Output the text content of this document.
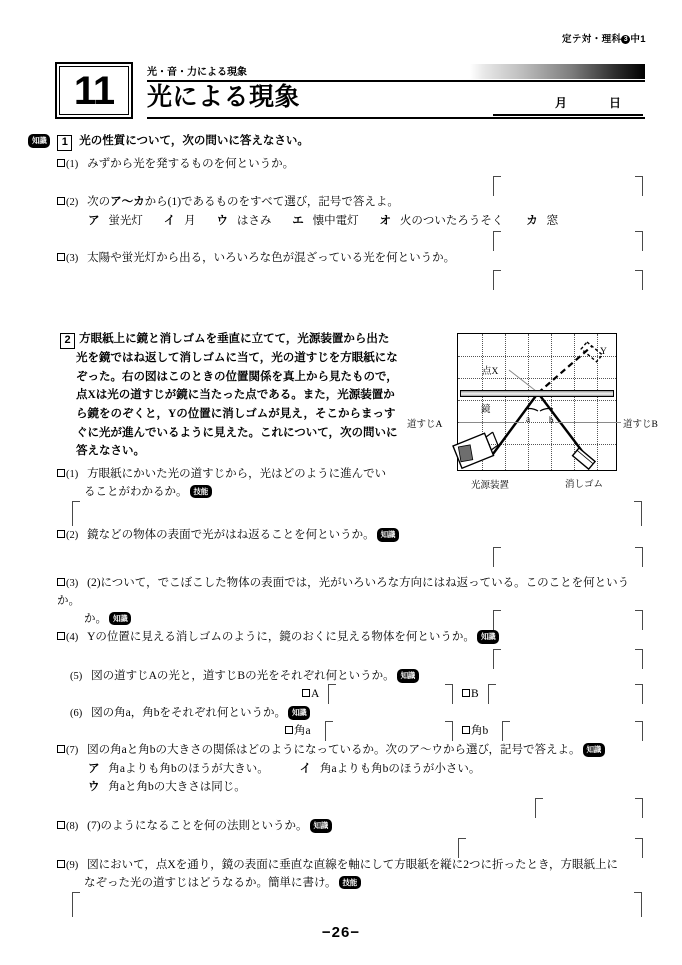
定テ対・理科 3 中1
11	光・音・力による現象
光による現象	月	日
知識 1 光の性質について，次の問いに答えなさい。
(1) みずから光を発するものを何というか。
(2) 次のア～カから(1)であるものをすべて選び，記号で答えよ。
ア 蛍光灯 イ 月 ウ はさみ エ 懐中電灯 オ 火のついたろうそく カ 窓
(3) 太陽や蛍光灯から出る，いろいろな色が混ざっている光を何というか。
2 方眼紙上に鏡と消しゴムを垂直に立てて，光源装置から出た
光を鏡ではね返して消しゴムに当て，光の道すじを方眼紙にな
ぞった。右の図はこのときの位置関係を真上から見たもので，
点Xは光の道すじが鏡に当たった点である。また，光源装置か
ら鏡をのぞくと，Yの位置に消しゴムが見え，そこからまっす
ぐに光が進んでいるように見えた。これについて，次の問いに
答えなさい。
点X
Y
鏡
道すじA	道すじB
光源装置	消しゴム
a b
(1) 方眼紙にかいた光の道すじから，光はどのように進んでい
ることがわかるか。 技能
(2) 鏡などの物体の表面で光がはね返ることを何というか。 知識
(3) (2)について，でこぼこした物体の表面では，光がいろいろな方向にはね返っている。このことを何というか。
か。 知識
(4) Yの位置に見える消しゴムのように，鏡のおくに見える物体を何というか。 知識
(5) 図の道すじAの光と，道すじBの光をそれぞれ何というか。 知識
A	B
(6) 図の角a，角bをそれぞれ何というか。 知識
角a	角b
(7) 図の角aと角bの大きさの関係はどのようになっているか。次のア～ウから選び，記号で答えよ。 知識
ア 角aよりも角bのほうが大きい。	イ 角aよりも角bのほうが小さい。
ウ 角aと角bの大きさは同じ。
(8) (7)のようになることを何の法則というか。 知識
(9) 図において，点Xを通り，鏡の表面に垂直な直線を軸にして方眼紙を縦に2つに折ったとき，方眼紙上に
なぞった光の道すじはどうなるか。簡単に書け。 技能
−26−
